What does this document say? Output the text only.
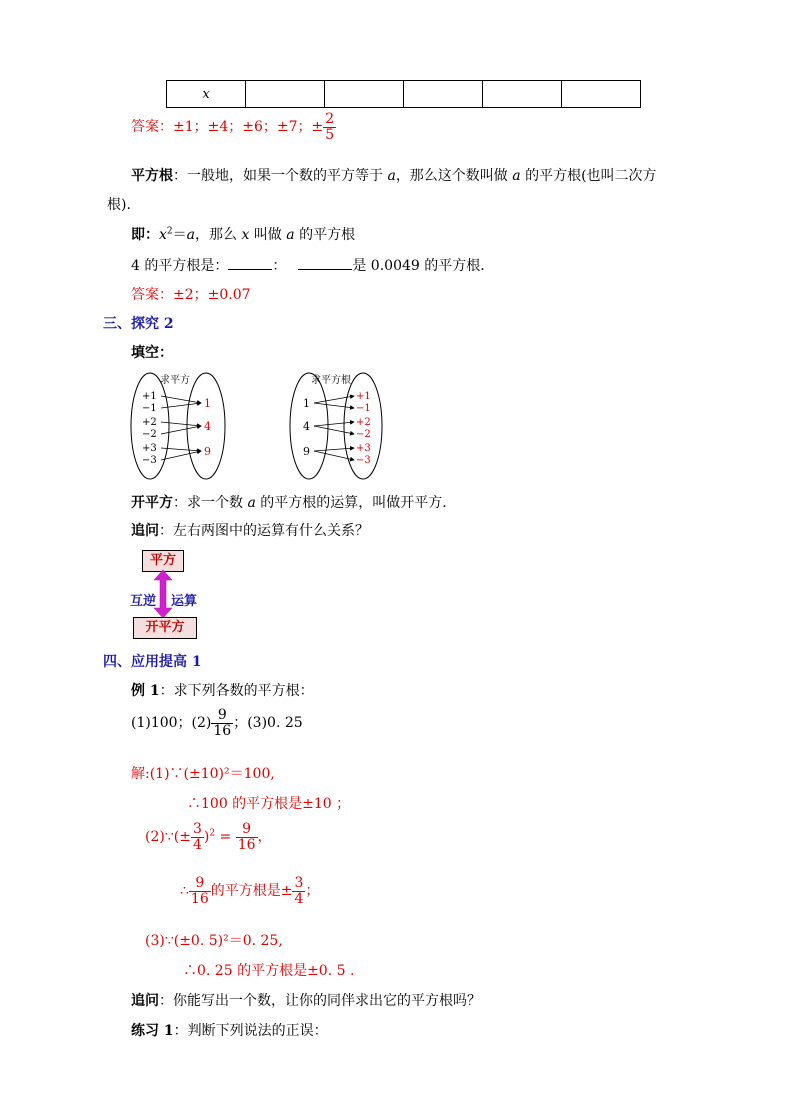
x					
答案：±1；±4；±6；±7；± $\frac{2}{5}$
平方根：一般地，如果一个数的平方等于 a，那么这个数叫做 a 的平方根(也叫二次方
根).
即：$x^2=a$，那么 x 叫做 a 的平方根
4 的平方根是：	：	是 0.0049 的平方根.
答案：±2；±0.07
三、探究 2
填空：
求平方
+1
−1
+2
−2
+3
−3
1
4
9
求平方根
1
4
9
+1
−1
+2
−2
+3
−3
开平方：求一个数 a 的平方根的运算，叫做开平方.
追问：左右两图中的运算有什么关系？
平方
互逆 运算
开平方
四、应用提高 1
例 1：求下列各数的平方根：
(1)100；$(2) \frac{9}{16}$ ；(3)0. 25
解:(1)∵(±10)²＝100,
∴100 的平方根是±10 ；
(2)∵(± $\frac{3}{4} )^2 = \frac{9}{16}$ ，
∴ $\frac{9}{16}$ 的平方根是± $\frac{3}{4}$ ；
(3)∵(±0. 5)²＝0. 25,
∴0. 25 的平方根是±0. 5 .
追问：你能写出一个数，让你的同伴求出它的平方根吗？
练习 1：判断下列说法的正误：
